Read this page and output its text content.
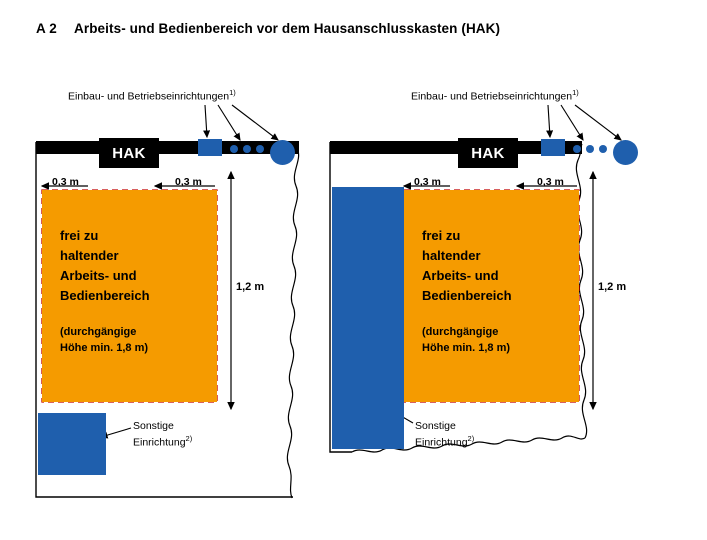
A 2 Arbeits- und Bedienbereich vor dem Hausanschlusskasten (HAK)
Einbau- und Betriebseinrichtungen$^{1)}$
HAK
0,3 m	0,3 m
1,2 m
frei zu
haltender
Arbeits- und
Bedienbereich
(durchgängige
Höhe min. 1,8 m)
Sonstige
Einrichtung$^{2)}$
Einbau- und Betriebseinrichtungen$^{1)}$
HAK
0,3 m	0,3 m
1,2 m
frei zu
haltender
Arbeits- und
Bedienbereich
(durchgängige
Höhe min. 1,8 m)
Sonstige
Einrichtung$^{2)}$
